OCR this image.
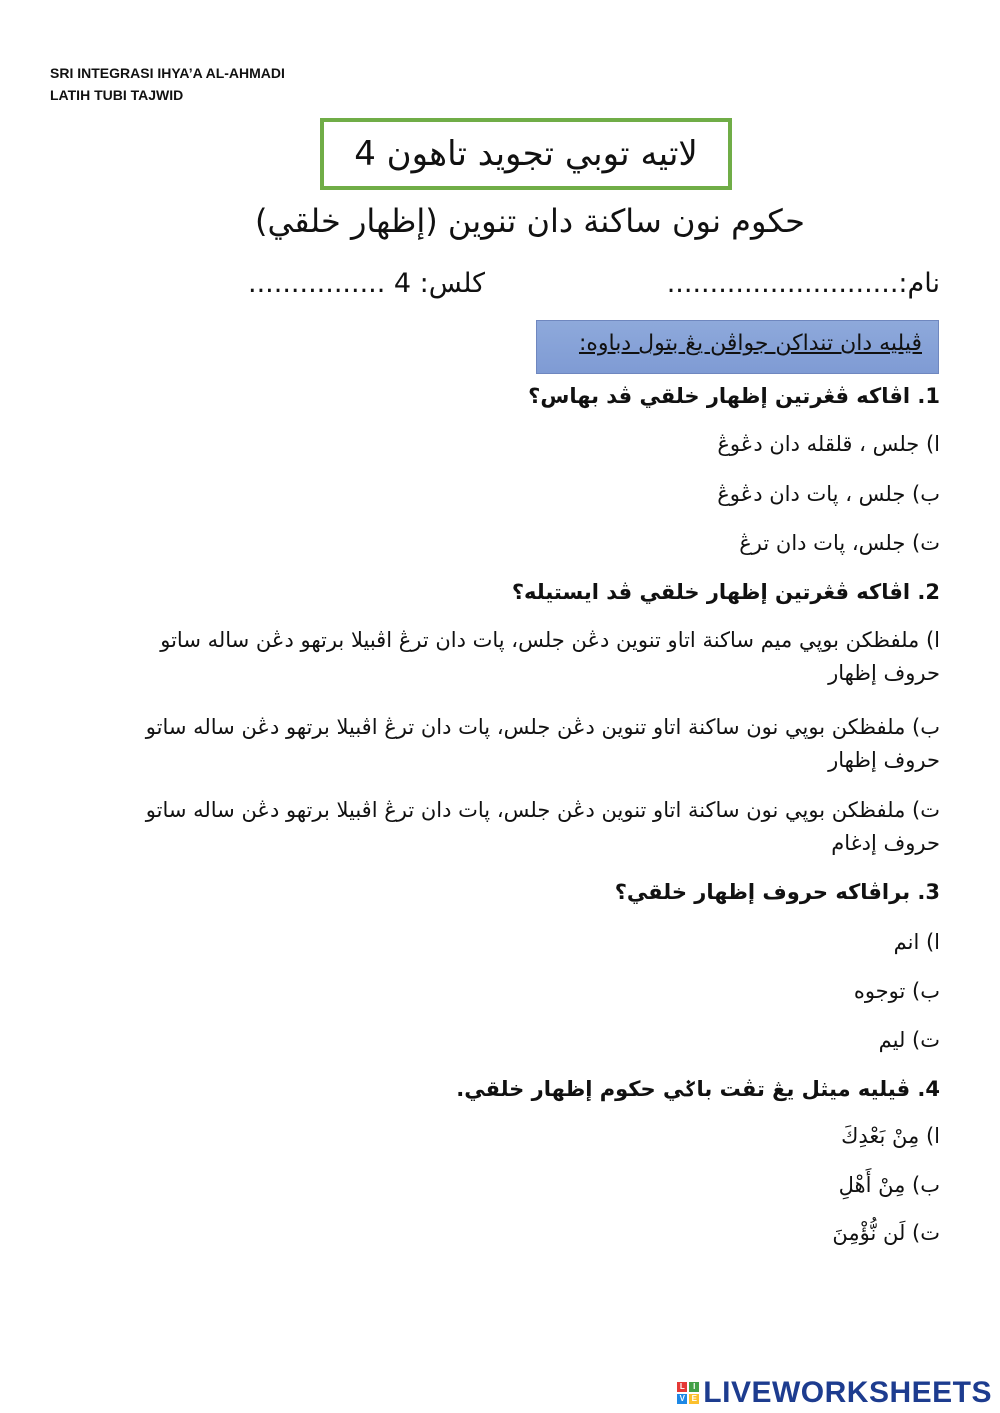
SRI INTEGRASI IHYA’A AL-AHMADI
LATIH TUBI TAJWID
لاتيه توبي تجويد تاهون 4
حکوم نون ساكنة دان تنوين (إظهار خلقي)
نام:...........................
کلس: 4 ................
ڤيليه دان تنداكن جواڤن يڠ بتول دباوه:
1. اڤاكه ڤڠرتين إظهار خلقي ڤد بهاس؟
ا) جلس ، قلقله دان دڠوڠ
ب) جلس ، ڽات دان دڠوڠ
ت) جلس، ڽات دان ترڠ
2. اڤاكه ڤڠرتين إظهار خلقي ڤد ايستيله؟
ا) ملفظكن بوڽي ميم ساكنة اتاو تنوين دڠن جلس، ڽات دان ترڠ اڤبيلا برتهو دڠن ساله ساتو حروف إظهار
ب) ملفظكن بوڽي نون ساكنة اتاو تنوين دڠن جلس، ڽات دان ترڠ اڤبيلا برتهو دڠن ساله ساتو حروف إظهار
ت) ملفظكن بوڽي نون ساكنة اتاو تنوين دڠن جلس، ڽات دان ترڠ اڤبيلا برتهو دڠن ساله ساتو حروف إدغام
3. براڤاكه حروف إظهار خلقي؟
ا) انم
ب) توجوه
ت) ليم
4. ڤيليه ميثل يڠ تڤت باݢي حکوم إظهار خلقي.
ا) مِنْ بَعْدِكَ
ب) مِنْ أَهْلِ
ت) لَن نُّؤْمِنَ
L	I
V E LIVEWORKSHEETS
